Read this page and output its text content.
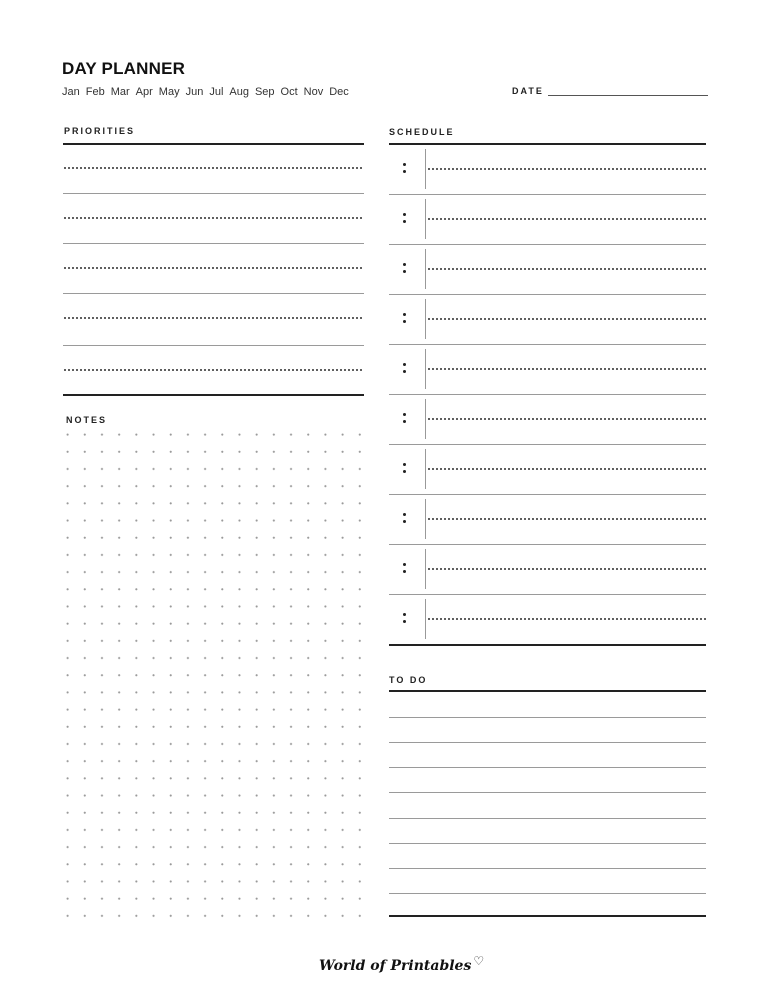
DAY PLANNER
Jan Feb Mar Apr May Jun Jul Aug Sep Oct Nov Dec	DATE
PRIORITIES
NOTES
SCHEDULE
TO DO
World of Printables ♡
